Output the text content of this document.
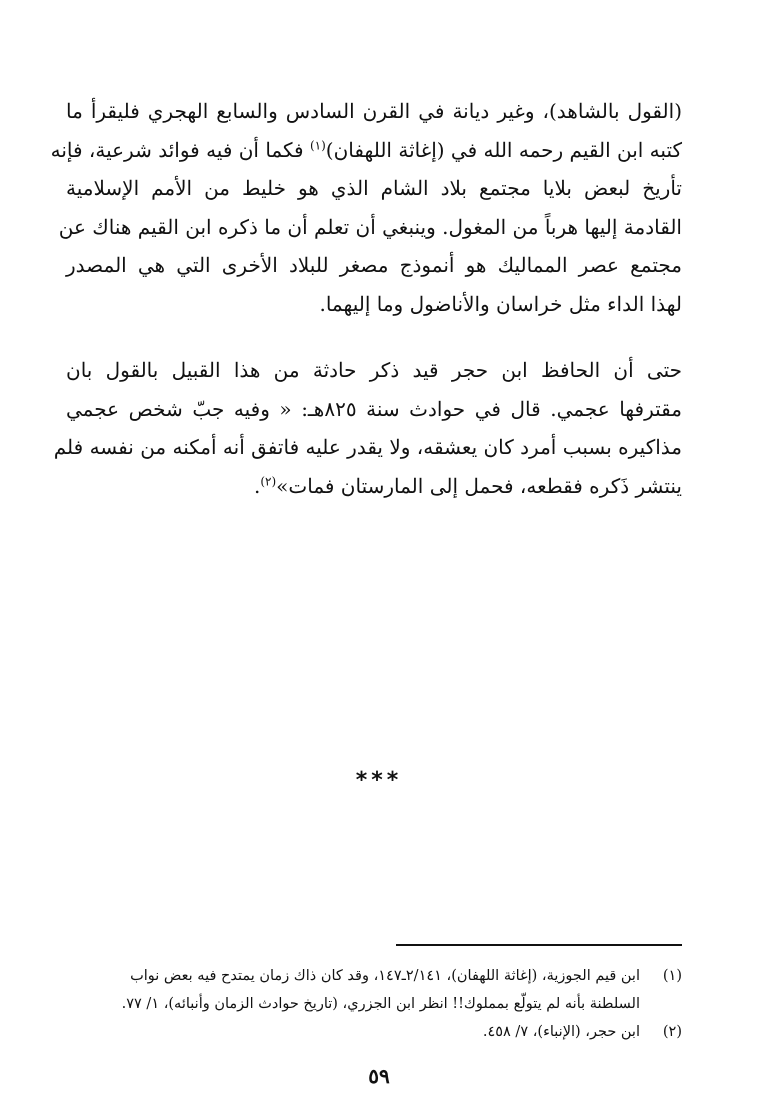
(القول بالشاهد)، وغير ديانة في القرن السادس والسابع الهجري فليقرأ ما
كتبه ابن القيم رحمه الله في (إغاثة اللهفان)$^{(١)}$ فكما أن فيه فوائد شرعية، فإنه
تأريخ لبعض بلايا مجتمع بلاد الشام الذي هو خليط من الأمم الإسلامية
القادمة إليها هرباً من المغول. وينبغي أن تعلم أن ما ذكره ابن القيم هناك عن
مجتمع عصر المماليك هو أنموذج مصغر للبلاد الأخرى التي هي المصدر
لهذا الداء مثل خراسان والأناضول وما إليهما.
حتى أن الحافظ ابن حجر قيد ذكر حادثة من هذا القبيل بالقول بان
مقترفها عجمي. قال في حوادث سنة ٨٢٥هـ: « وفيه جبّ شخص عجمي
مذاكيره بسبب أمرد كان يعشقه، ولا يقدر عليه فاتفق أنه أمكنه من نفسه فلم
ينتشر ذَكره فقطعه، فحمل إلى المارستان فمات»$^{(٢)}$.
***
(١)
ابن قيم الجوزية، (إغاثة اللهفان)، ٢/١٤١ـ١٤٧، وقد كان ذاك زمان يمتدح فيه بعض نواب
السلطنة بأنه لم يتولّع بمملوك!! انظر ابن الجزري، (تاريخ حوادث الزمان وأنبائه)، ١/ ٧٧.
(٢)
ابن حجر، (الإنباء)، ٧/ ٤٥٨.
٥٩
